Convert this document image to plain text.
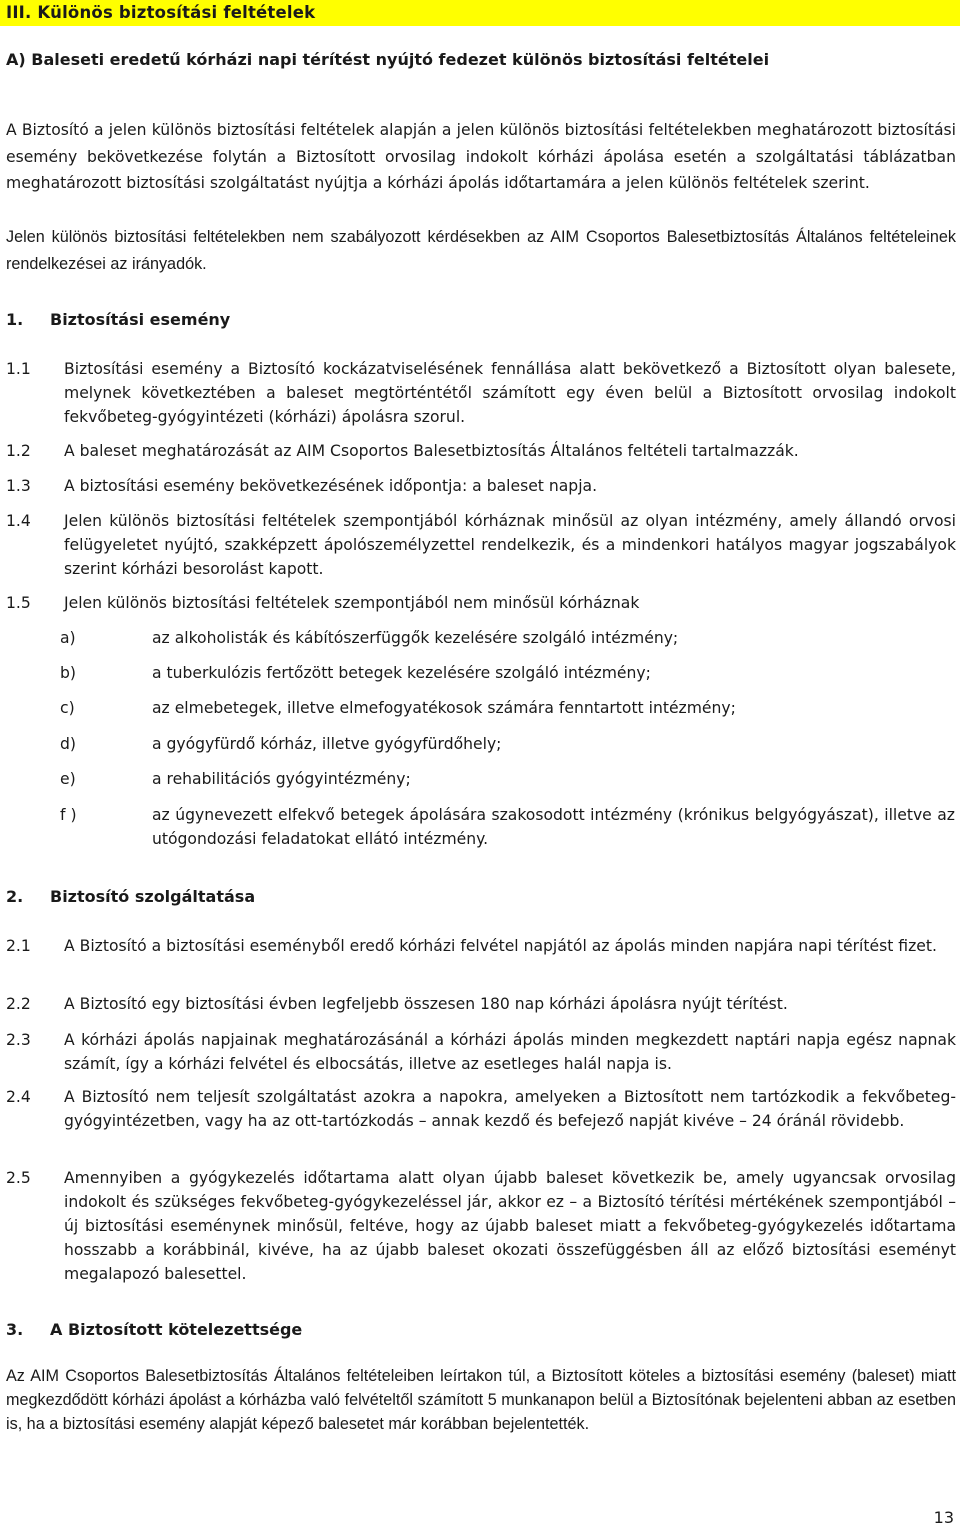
III. Különös biztosítási feltételek
A) Baleseti eredetű kórházi napi térítést nyújtó fedezet különös biztosítási feltételei
A Biztosító a jelen különös biztosítási feltételek alapján a jelen különös biztosítási feltételekben meghatározott biztosítási esemény bekövetkezése folytán a Biztosított orvosilag indokolt kórházi ápolása esetén a szolgáltatási táblázatban meghatározott biztosítási szolgáltatást nyújtja a kórházi ápolás időtartamára a jelen különös feltételek szerint.
Jelen különös biztosítási feltételekben nem szabályozott kérdésekben az AIM Csoportos Balesetbiztosítás Általános feltételeinek rendelkezései az irányadók.
1. Biztosítási esemény
1.1 Biztosítási esemény a Biztosító kockázatviselésének fennállása alatt bekövetkező a Biztosított olyan balesete, melynek következtében a baleset megtörténtétől számított egy éven belül a Biztosított orvosilag indokolt fekvőbeteg-gyógyintézeti (kórházi) ápolásra szorul.
1.2 A baleset meghatározását az AIM Csoportos Balesetbiztosítás Általános feltételi tartalmazzák.
1.3 A biztosítási esemény bekövetkezésének időpontja: a baleset napja.
1.4 Jelen különös biztosítási feltételek szempontjából kórháznak minősül az olyan intézmény, amely állandó orvosi felügyeletet nyújtó, szakképzett ápolószemélyzettel rendelkezik, és a mindenkori hatályos magyar jogszabályok szerint kórházi besorolást kapott.
1.5 Jelen különös biztosítási feltételek szempontjából nem minősül kórháznak
a)	az alkoholisták és kábítószerfüggők kezelésére szolgáló intézmény;
b)	a tuberkulózis fertőzött betegek kezelésére szolgáló intézmény;
c)	az elmebetegek, illetve elmefogyatékosok számára fenntartott intézmény;
d)	a gyógyfürdő kórház, illetve gyógyfürdőhely;
e)	a rehabilitációs gyógyintézmény;
f )	az úgynevezett elfekvő betegek ápolására szakosodott intézmény (krónikus belgyógyászat), illetve az utógondozási feladatokat ellátó intézmény.
2. Biztosító szolgáltatása
2.1 A Biztosító a biztosítási eseményből eredő kórházi felvétel napjától az ápolás minden napjára napi térítést fizet.
2.2 A Biztosító egy biztosítási évben legfeljebb összesen 180 nap kórházi ápolásra nyújt térítést.
2.3 A kórházi ápolás napjainak meghatározásánál a kórházi ápolás minden megkezdett naptári napja egész napnak számít, így a kórházi felvétel és elbocsátás, illetve az esetleges halál napja is.
2.4 A Biztosító nem teljesít szolgáltatást azokra a napokra, amelyeken a Biztosított nem tartózkodik a fekvőbeteg-gyógyintézetben, vagy ha az ott-tartózkodás – annak kezdő és befejező napját kivéve – 24 óránál rövidebb.
2.5 Amennyiben a gyógykezelés időtartama alatt olyan újabb baleset következik be, amely ugyancsak orvosilag indokolt és szükséges fekvőbeteg-gyógykezeléssel jár, akkor ez – a Biztosító térítési mértékének szempontjából – új biztosítási eseménynek minősül, feltéve, hogy az újabb baleset miatt a fekvőbeteg-gyógykezelés időtartama hosszabb a korábbinál, kivéve, ha az újabb baleset okozati összefüggésben áll az előző biztosítási eseményt megalapozó balesettel.
3. A Biztosított kötelezettsége
Az AIM Csoportos Balesetbiztosítás Általános feltételeiben leírtakon túl, a Biztosított köteles a biztosítási esemény (baleset) miatt megkezdődött kórházi ápolást a kórházba való felvételtől számított 5 munkanapon belül a Biztosítónak bejelenteni abban az esetben is, ha a biztosítási esemény alapját képező balesetet már korábban bejelentették.
13
